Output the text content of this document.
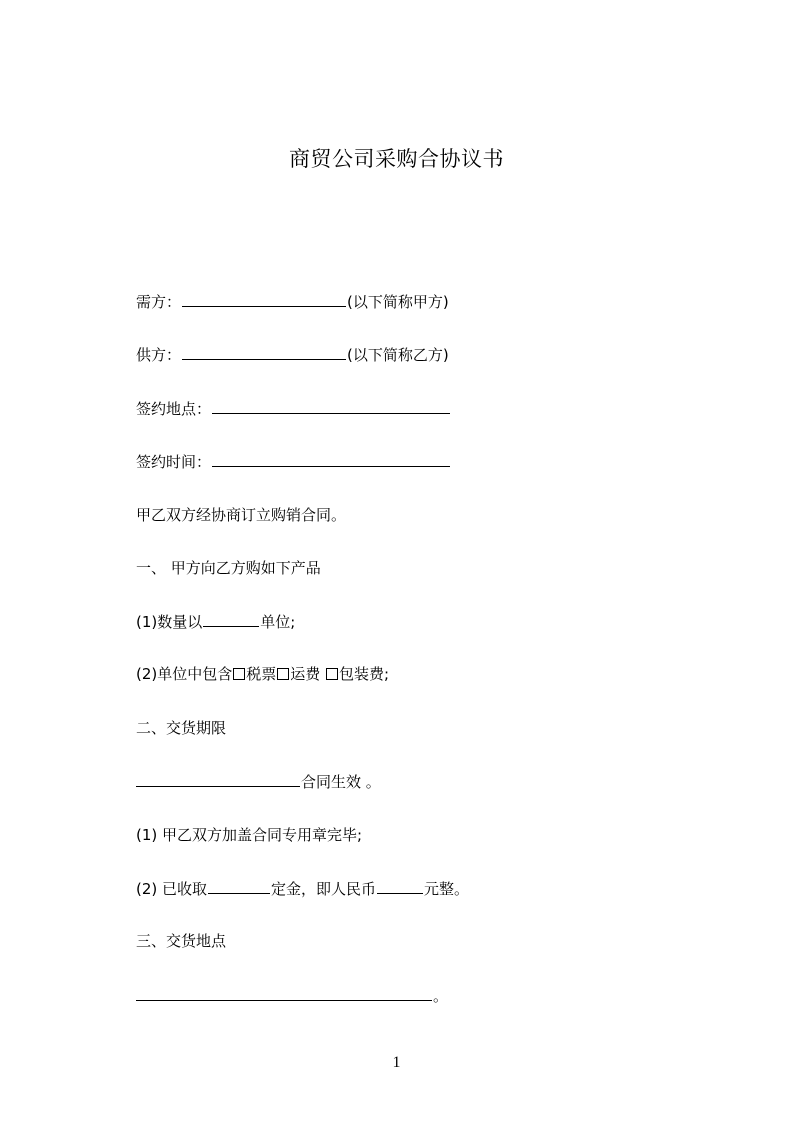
商贸公司采购合协议书
需方：	(以下简称甲方)
供方：	(以下简称乙方)
签约地点：
签约时间：
甲乙双方经协商订立购销合同。
一、 甲方向乙方购如下产品
(1)数量以	单位;
(2)单位中包含 税票 运费 包装费;
二、交货期限
合同生效 。
(1) 甲乙双方加盖合同专用章完毕;
(2) 已收取	定金，即人民币	元整。
三、交货地点
。
1
